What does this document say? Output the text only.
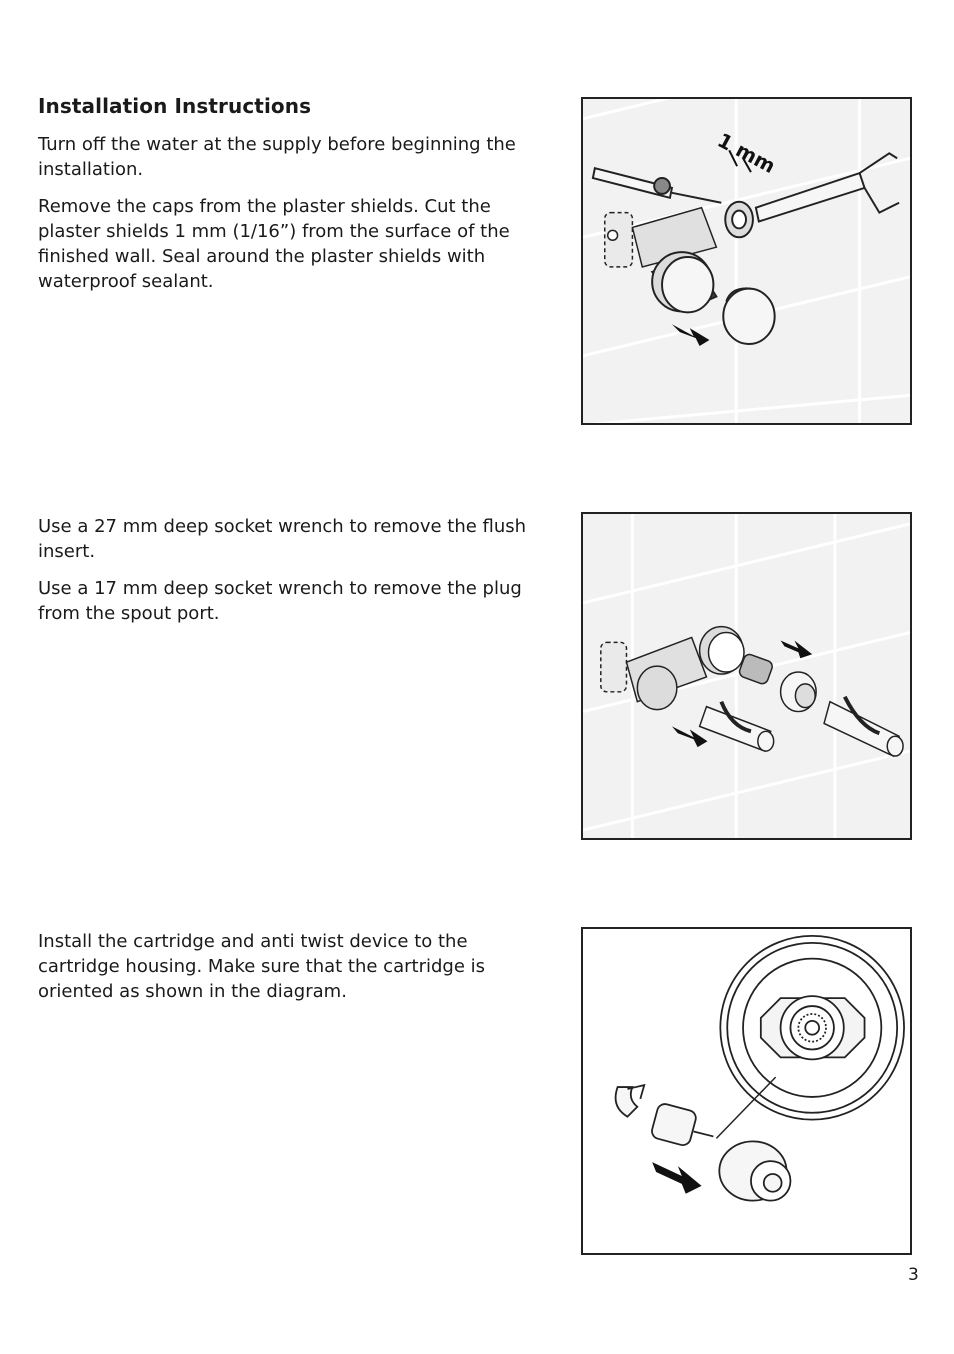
Installation Instructions

Turn off the water at the supply before beginning the installation.

Remove the caps from the plaster shields. Cut the plaster shields 1 mm (1/16”) from the surface of the finished wall. Seal around the plaster shields with waterproof sealant.

1 mm

Use a 27 mm deep socket wrench to remove the flush insert.

Use a 17 mm deep socket wrench to remove the plug from the spout port.

Install the cartridge and anti twist device to the cartridge housing. Make sure that the cartridge is oriented as shown in the diagram.

3
